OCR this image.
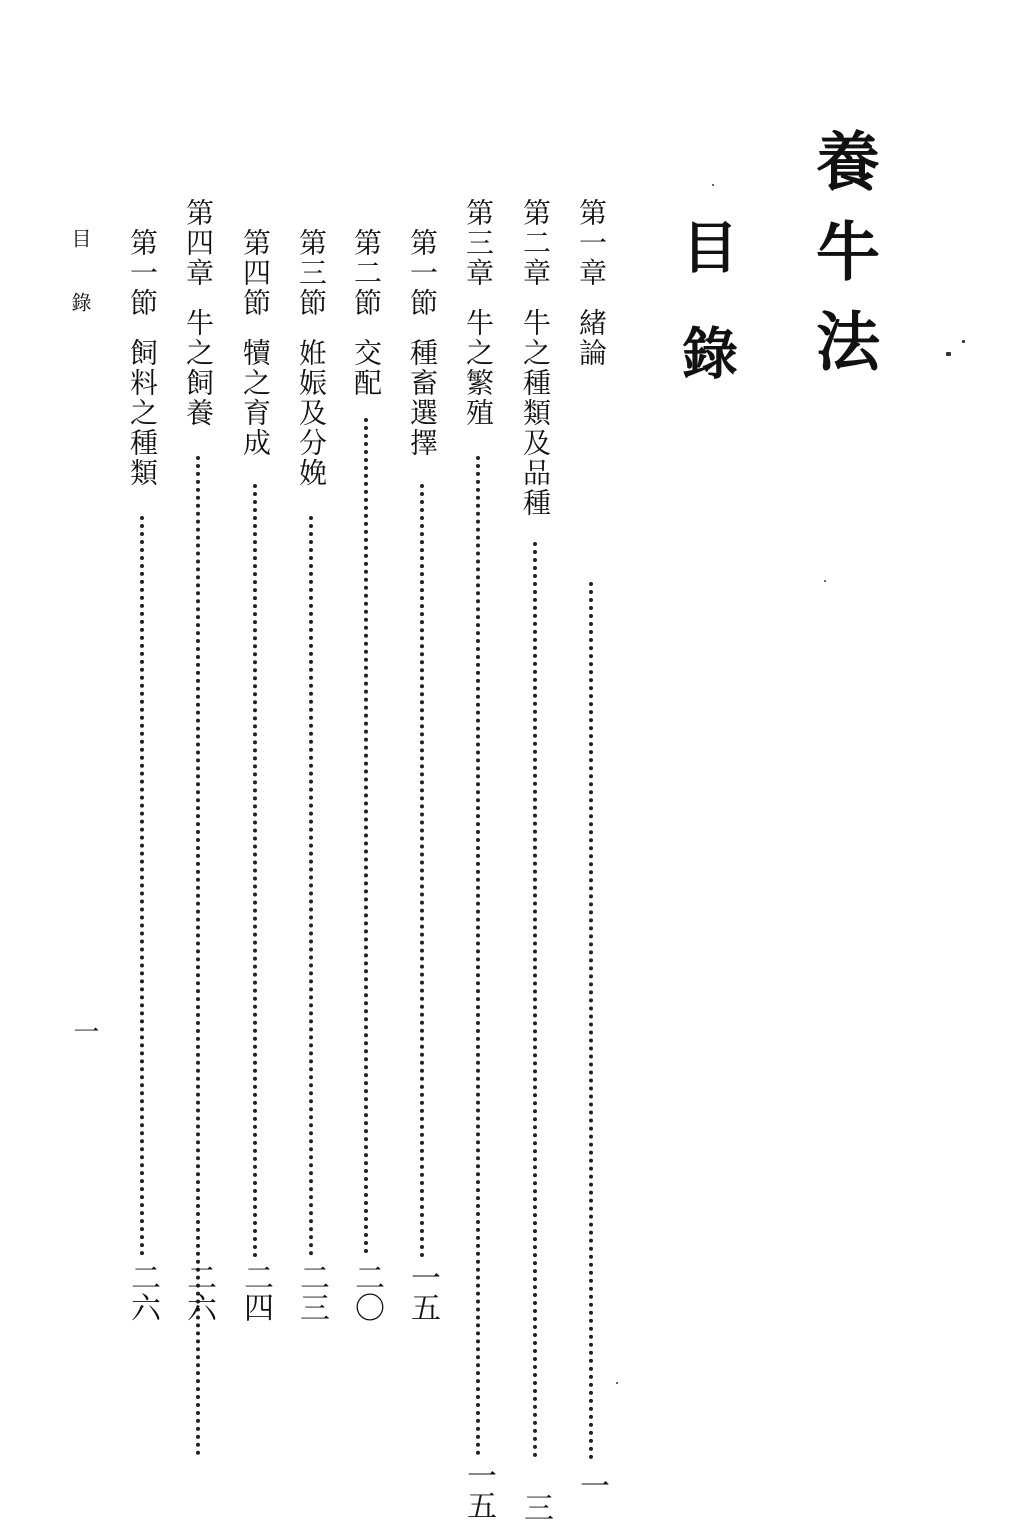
養牛法
目錄
第一章緒論
一
第二章牛之種類及品種
三
第三章牛之繁殖
一五
第一節種畜選擇
一五
第二節交配
二〇
第三節姙娠及分娩
二三
第四節犢之育成
二四
第四章牛之飼養
二六
第一節飼料之種類
二六
目錄
一
